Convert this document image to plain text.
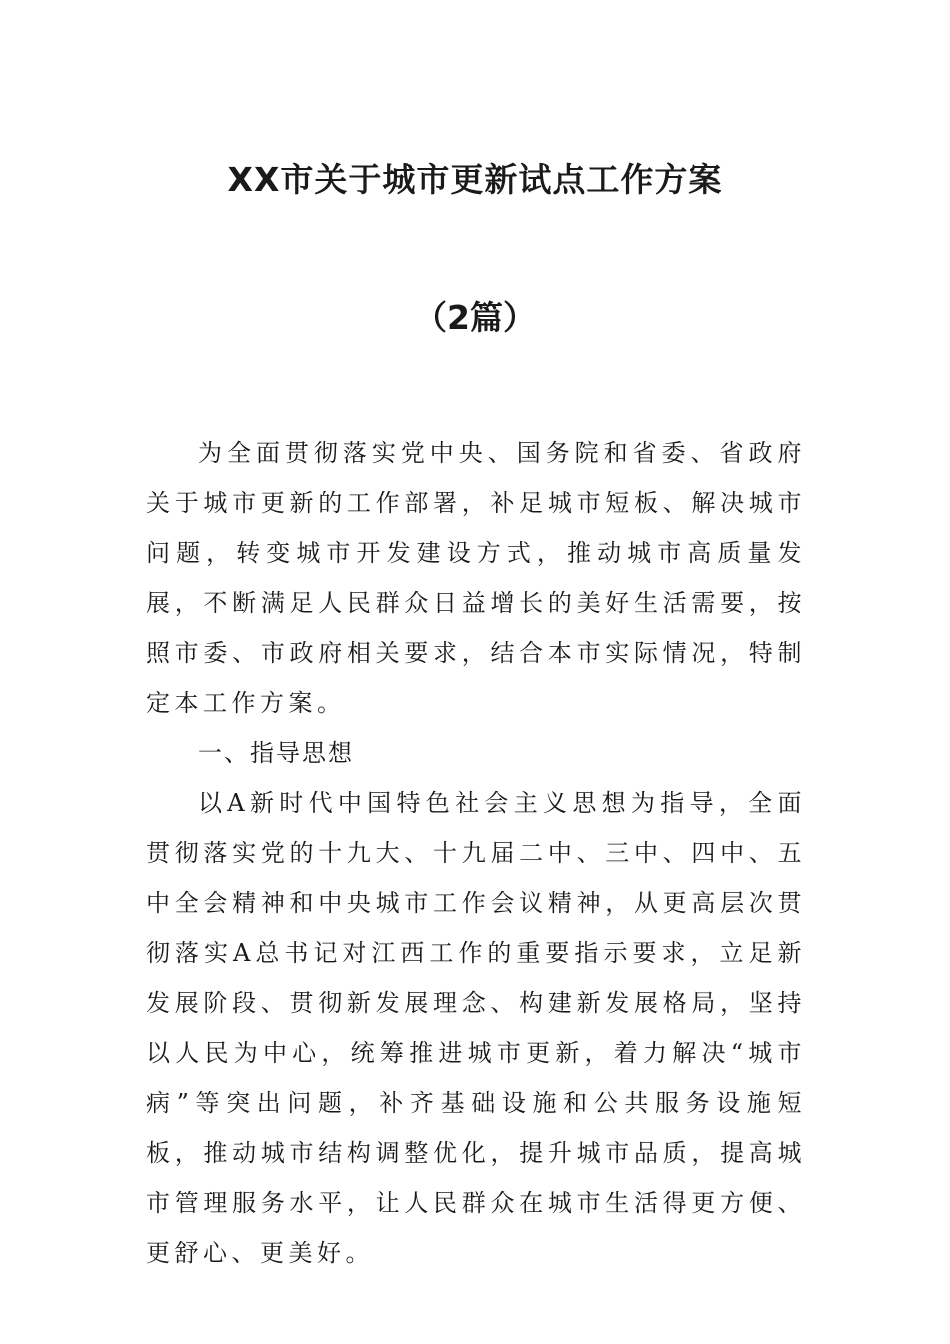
XX市关于城市更新试点工作方案
（2篇）

为全面贯彻落实党中央、国务院和省委、省政府关于城市更新的工作部署，补足城市短板、解决城市问题，转变城市开发建设方式，推动城市高质量发展，不断满足人民群众日益增长的美好生活需要，按照市委、市政府相关要求，结合本市实际情况，特制定本工作方案。

一、指导思想

以A新时代中国特色社会主义思想为指导，全面贯彻落实党的十九大、十九届二中、三中、四中、五中全会精神和中央城市工作会议精神，从更高层次贯彻落实A总书记对江西工作的重要指示要求，立足新发展阶段、贯彻新发展理念、构建新发展格局，坚持以人民为中心，统筹推进城市更新，着力解决“城市病”等突出问题，补齐基础设施和公共服务设施短板，推动城市结构调整优化，提升城市品质，提高城市管理服务水平，让人民群众在城市生活得更方便、更舒心、更美好。
